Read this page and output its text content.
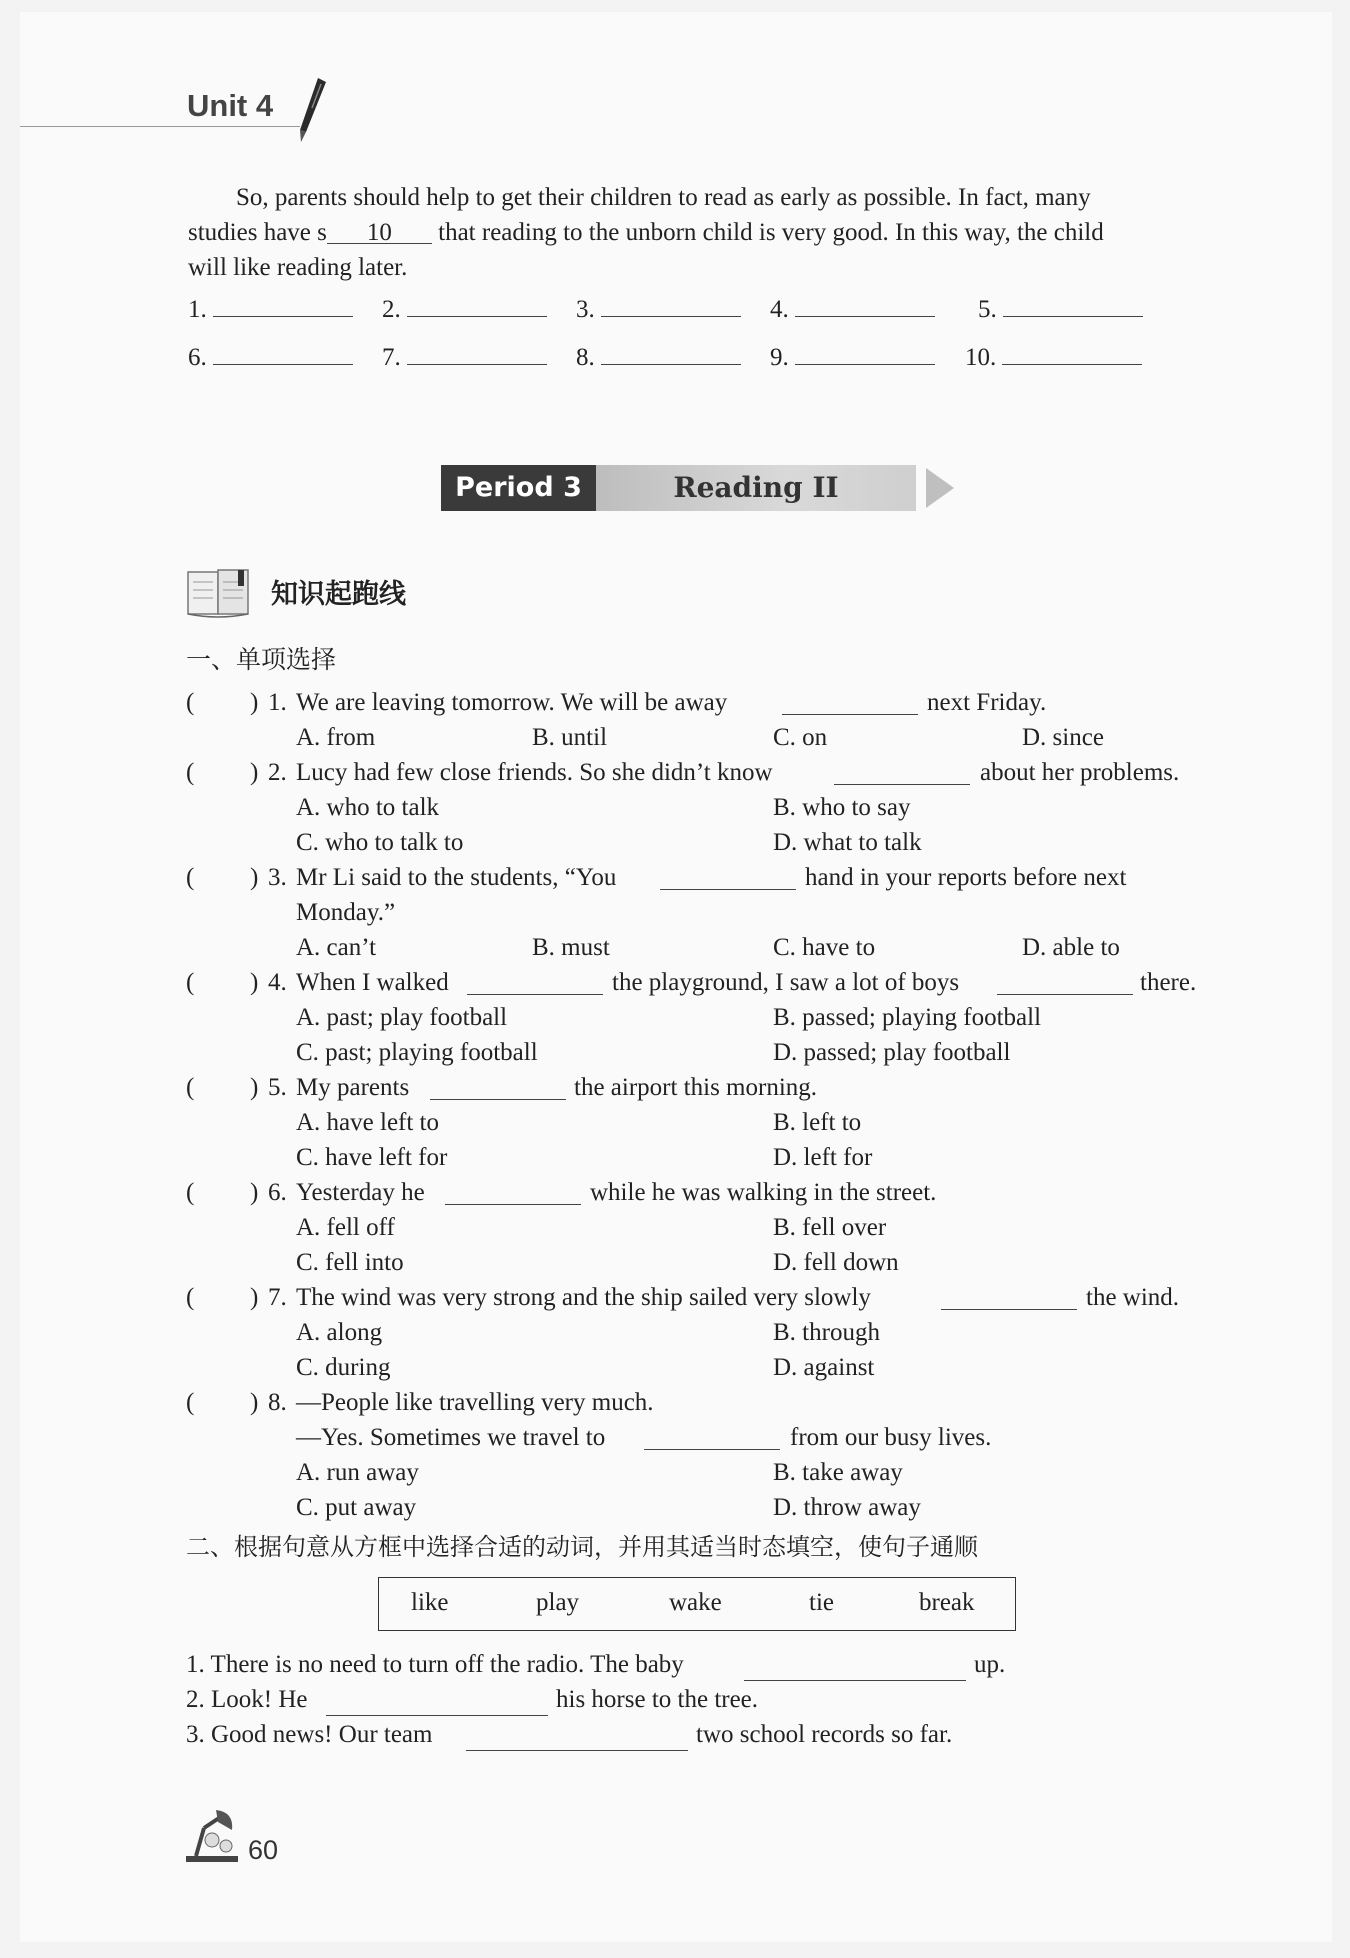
Unit 4
So, parents should help to get their children to read as early as possible. In fact, many
studies have s 10 that reading to the unborn child is very good. In this way, the child
will like reading later.
1.	2.	3.	4.	5.
6.	7.	8.	9.	10.
Period 3	Reading II
知识起跑线
一、单项选择
( ) 1. We are leaving tomorrow. We will be away	next Friday.
A. from	B. until	C. on	D. since
( ) 2. Lucy had few close friends. So she didn’t know	about her problems.
A. who to talk	B. who to say
C. who to talk to	D. what to talk
( ) 3. Mr Li said to the students, “You	hand in your reports before next
Monday.”
A. can’t	B. must	C. have to	D. able to
( ) 4. When I walked	the playground, I saw a lot of boys	there.
A. past; play football	B. passed; playing football
C. past; playing football	D. passed; play football
( ) 5. My parents	the airport this morning.
A. have left to	B. left to
C. have left for	D. left for
( ) 6. Yesterday he	while he was walking in the street.
A. fell off	B. fell over
C. fell into	D. fell down
( ) 7. The wind was very strong and the ship sailed very slowly	the wind.
A. along	B. through
C. during	D. against
( ) 8. —People like travelling very much.
—Yes. Sometimes we travel to	from our busy lives.
A. run away	B. take away
C. put away	D. throw away
二、根据句意从方框中选择合适的动词，并用其适当时态填空，使句子通顺
like	play	wake	tie	break
1. There is no need to turn off the radio. The baby	up.
2. Look! He	his horse to the tree.
3. Good news! Our team	two school records so far.
60
